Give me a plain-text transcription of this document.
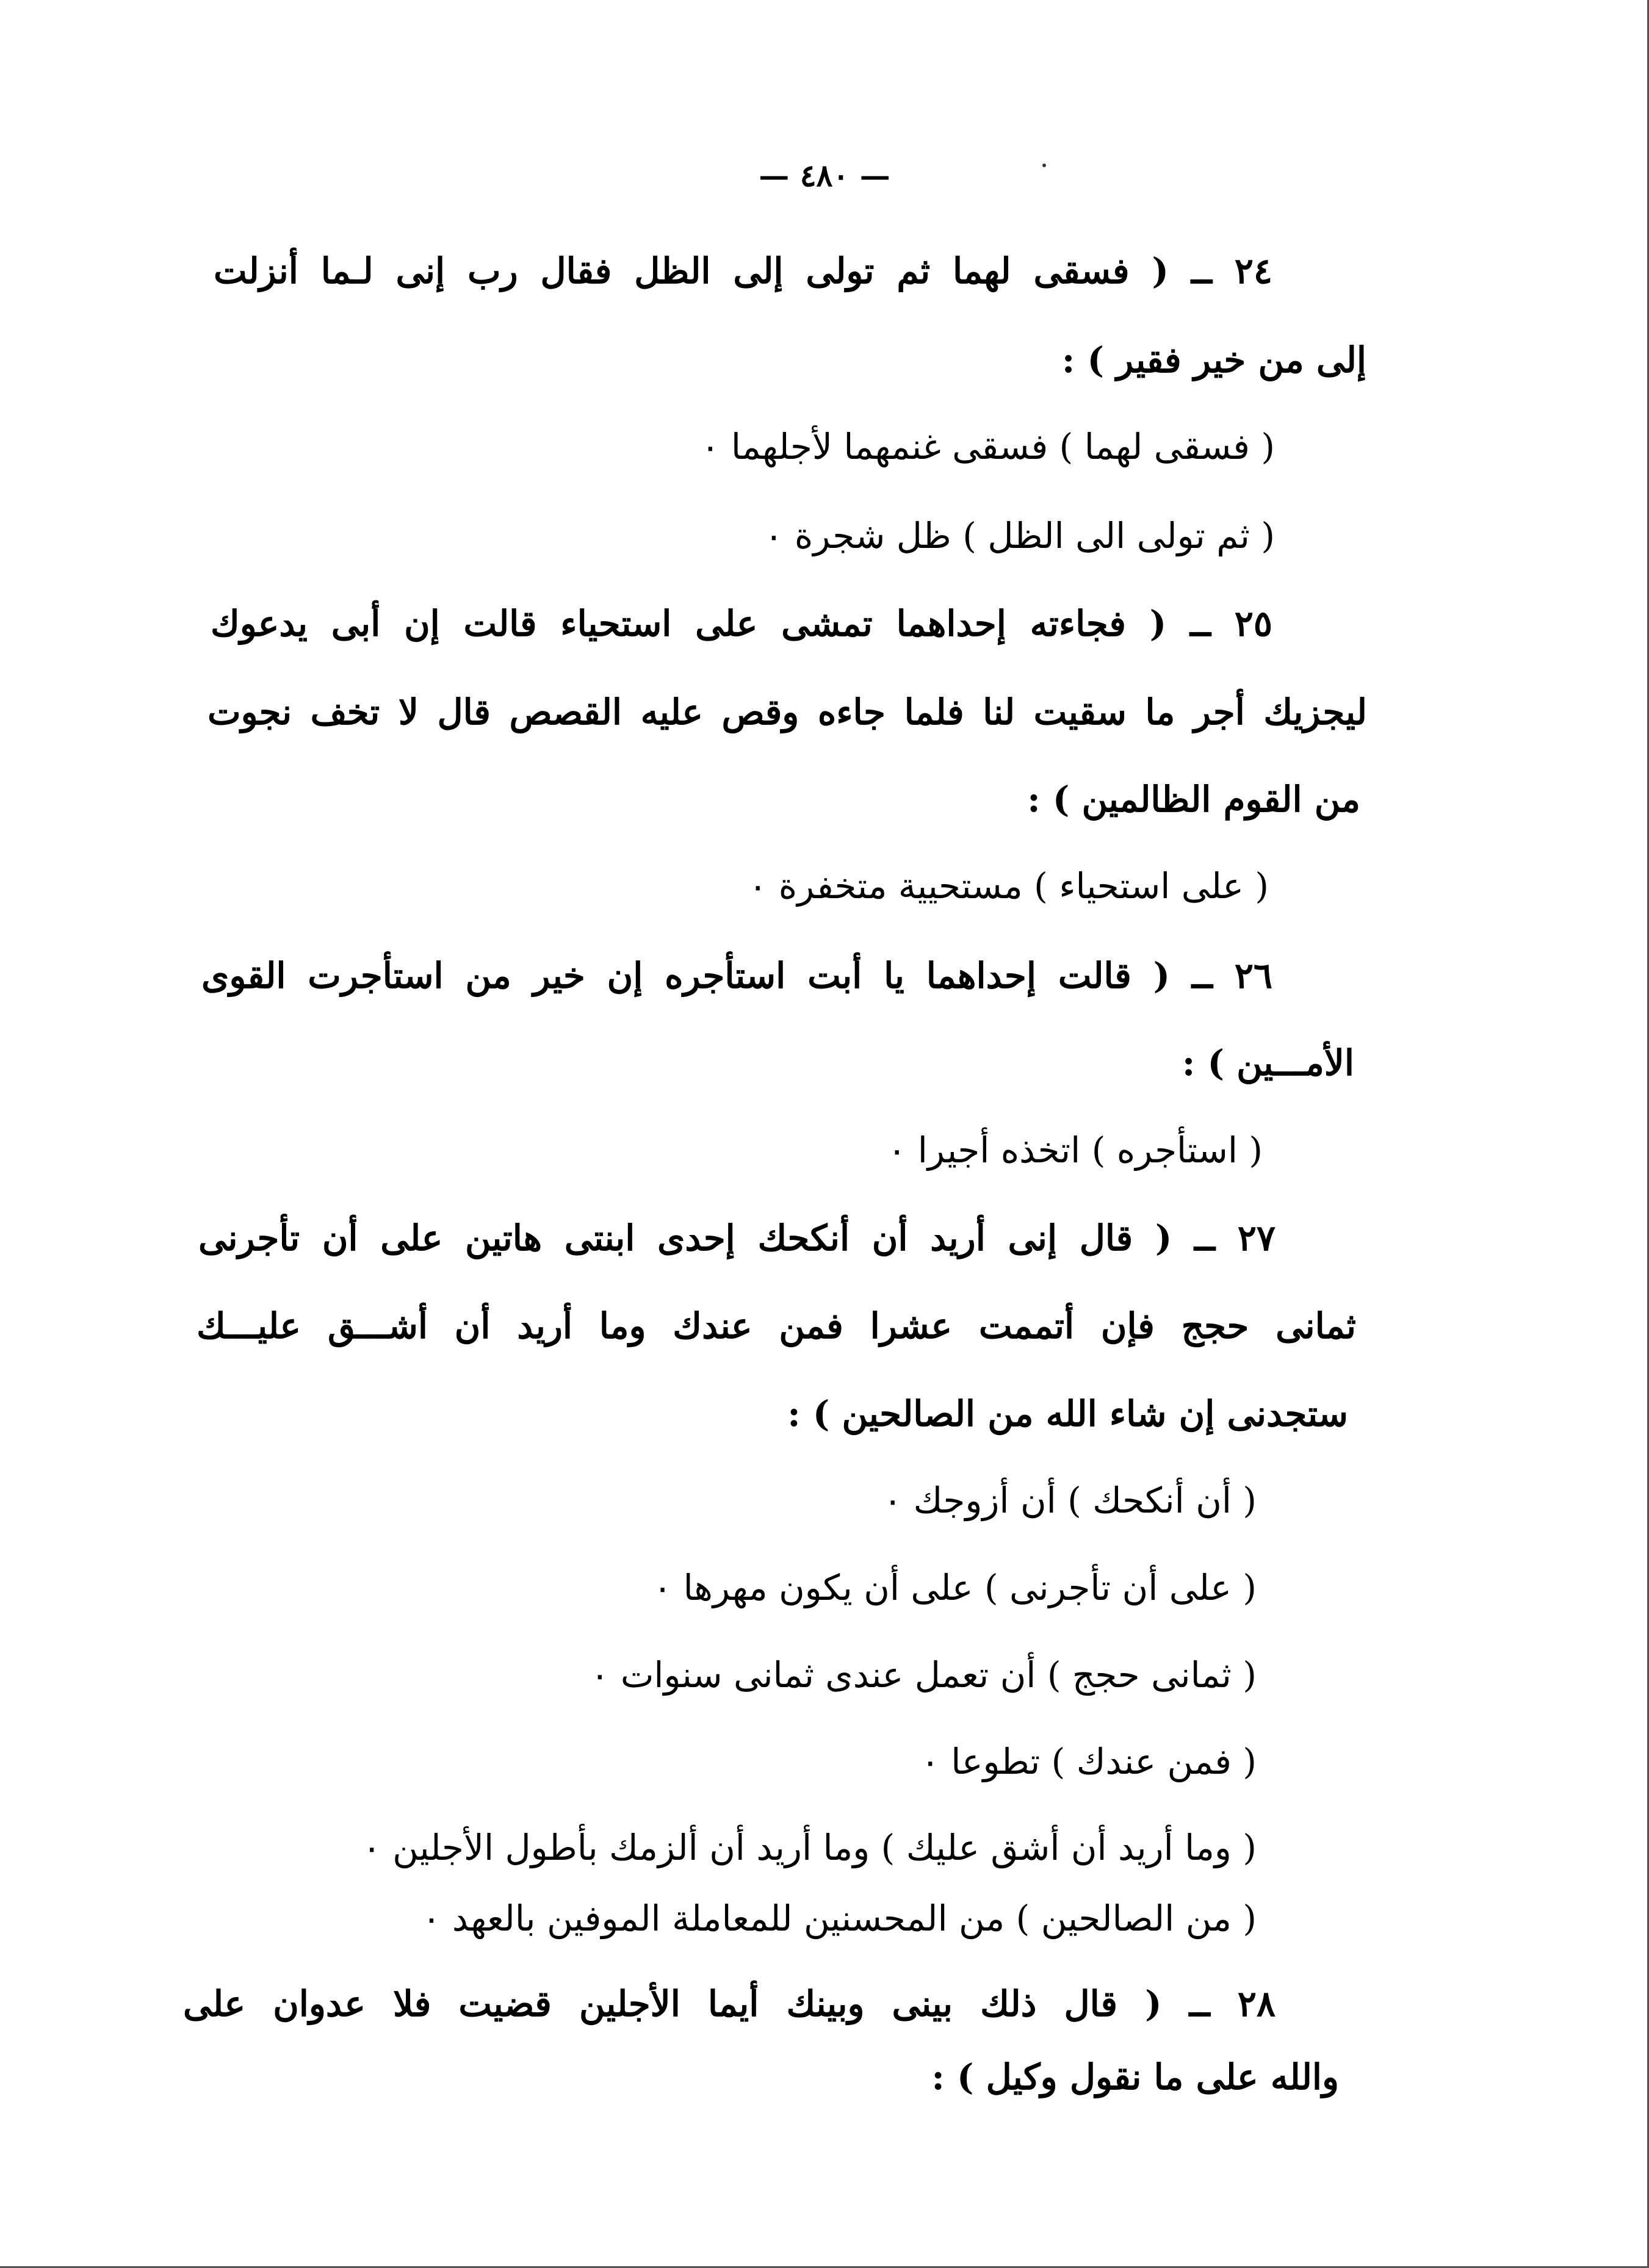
— ٤٨٠ —
٢٤ ــ ( فسقى لهما ثم تولى إلى الظل فقال رب إنى لـما أنزلت
إلى من خير فقير ) :
( فسقى لهما ) فسقى غنمهما لأجلهما ٠
( ثم تولى الى الظل ) ظل شجرة ٠
٢٥ ــ ( فجاءته إحداهما تمشى على استحياء قالت إن أبى يدعوك
ليجزيك أجر ما سقيت لنا فلما جاءه وقص عليه القصص قال لا تخف نجوت
من القوم الظالمين ) :
( على استحياء ) مستحيية متخفرة ٠
٢٦ ــ ( قالت إحداهما يا أبت استأجره إن خير من استأجرت القوى
الأمـــين ) :
( استأجره ) اتخذه أجيرا ٠
٢٧ ــ ( قال إنى أريد أن أنكحك إحدى ابنتى هاتين على أن تأجرنى
ثمانى حجج فإن أتممت عشرا فمن عندك وما أريد أن أشـــق عليـــك
ستجدنى إن شاء الله من الصالحين ) :
( أن أنكحك ) أن أزوجك ٠
( على أن تأجرنى ) على أن يكون مهرها ٠
( ثمانى حجج ) أن تعمل عندى ثمانى سنوات ٠
( فمن عندك ) تطوعا ٠
( وما أريد أن أشق عليك ) وما أريد أن ألزمك بأطول الأجلين ٠
( من الصالحين ) من المحسنين للمعاملة الموفين بالعهد ٠
٢٨ ــ ( قال ذلك بينى وبينك أيما الأجلين قضيت فلا عدوان على
والله على ما نقول وكيل ) :
